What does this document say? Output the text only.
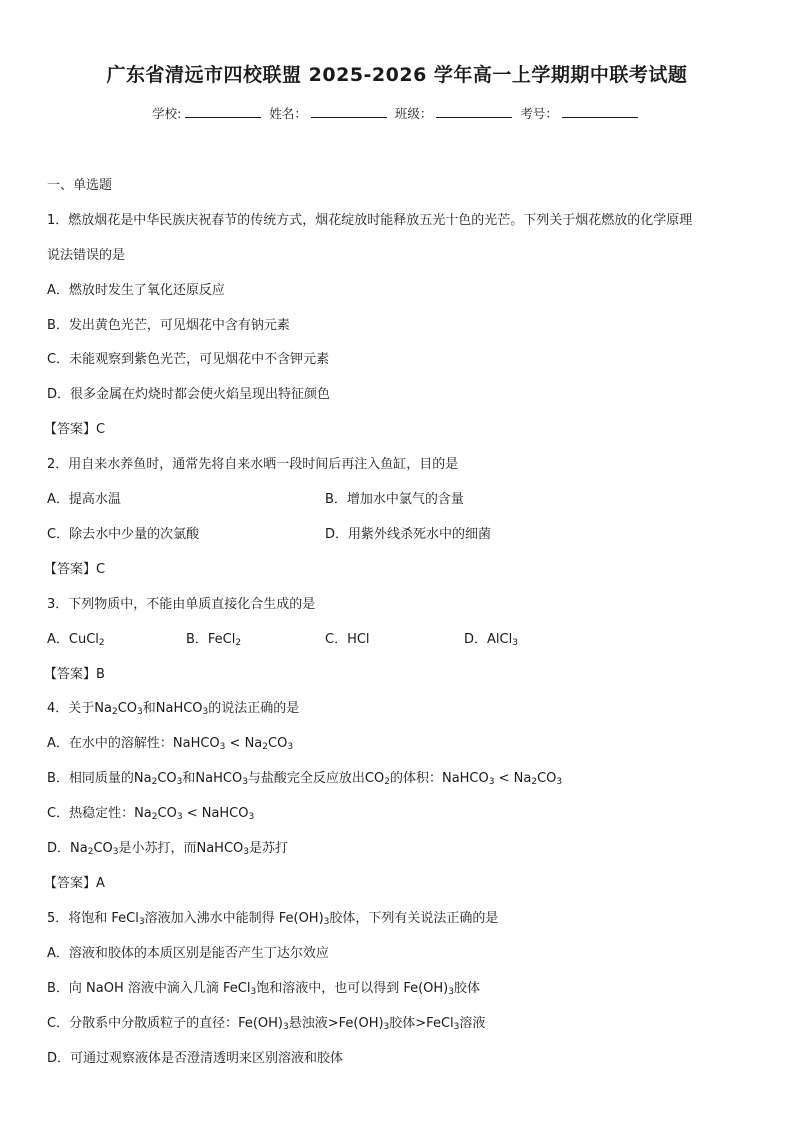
广东省清远市四校联盟 2025-2026 学年高一上学期期中联考试题
学校:	姓名：	班级：	考号：
一、单选题
1．燃放烟花是中华民族庆祝春节的传统方式，烟花绽放时能释放五光十色的光芒。下列关于烟花燃放的化学原理
说法错误的是
A．燃放时发生了氧化还原反应
B．发出黄色光芒，可见烟花中含有钠元素
C．未能观察到紫色光芒，可见烟花中不含钾元素
D．很多金属在灼烧时都会使火焰呈现出特征颜色
【答案】C
2．用自来水养鱼时，通常先将自来水晒一段时间后再注入鱼缸，目的是
A．提高水温	B．增加水中氯气的含量
C．除去水中少量的次氯酸	D．用紫外线杀死水中的细菌
【答案】C
3．下列物质中，不能由单质直接化合生成的是
A．CuCl$_2$	B．FeCl$_2$	C．HCl	D．AlCl$_3$
【答案】B
4．关于$Na_2CO_3$和NaHCO$_3$的说法正确的是
A．在水中的溶解性：NaHCO$_3$ < $Na_2CO_3$
B．相同质量的$Na_2CO_3$和NaHCO$_3$与盐酸完全反应放出$CO_2$的体积：NaHCO$_3$ < $Na_2CO_3$
C．热稳定性：$Na_2CO_3$ < NaHCO$_3$
D．$Na_2CO_3$是小苏打，而NaHCO$_3$是苏打
【答案】A
5．将饱和 FeCl$_3$溶液加入沸水中能制得 $Fe(OH)_3$胶体，下列有关说法正确的是
A．溶液和胶体的本质区别是能否产生丁达尔效应
B．向 NaOH 溶液中滴入几滴 FeCl$_3$饱和溶液中，也可以得到 $Fe(OH)_3$胶体
C．分散系中分散质粒子的直径：$Fe(OH)_3$悬浊液$>Fe(OH)_3$胶体>FeCl$_3$溶液
D．可通过观察液体是否澄清透明来区别溶液和胶体
